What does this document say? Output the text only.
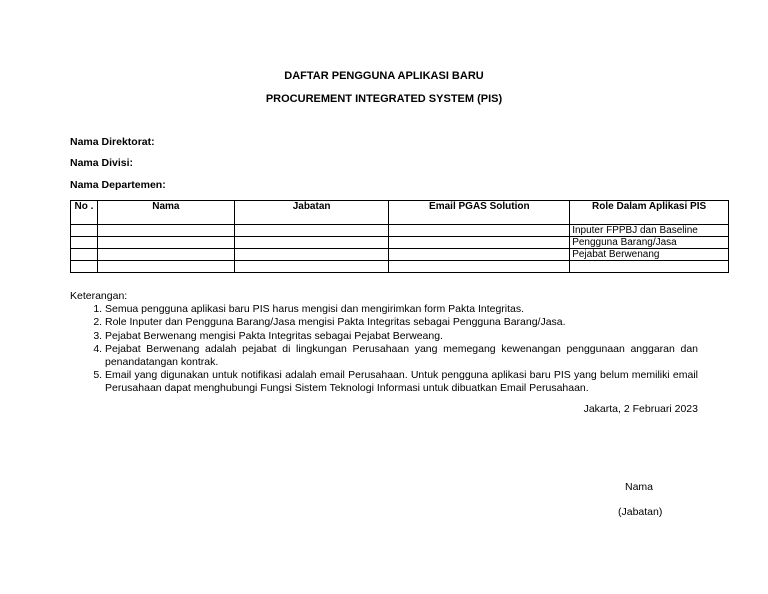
DAFTAR PENGGUNA APLIKASI BARU
PROCUREMENT INTEGRATED SYSTEM (PIS)
Nama Direktorat:
Nama Divisi:
Nama Departemen:
No .	Nama	Jabatan	Email PGAS Solution	Role Dalam Aplikasi PIS
				Inputer FPPBJ dan Baseline
				Pengguna Barang/Jasa
				Pejabat Berwenang

Keterangan:
1. Semua pengguna aplikasi baru PIS harus mengisi dan mengirimkan form Pakta Integritas.
2. Role Inputer dan Pengguna Barang/Jasa mengisi Pakta Integritas sebagai Pengguna Barang/Jasa.
3. Pejabat Berwenang mengisi Pakta Integritas sebagai Pejabat Berweang.
4. Pejabat Berwenang adalah pejabat di lingkungan Perusahaan yang memegang kewenangan penggunaan anggaran dan penandatangan kontrak.
5. Email yang digunakan untuk notifikasi adalah email Perusahaan. Untuk pengguna aplikasi baru PIS yang belum memiliki email Perusahaan dapat menghubungi Fungsi Sistem Teknologi Informasi untuk dibuatkan Email Perusahaan.
Jakarta, 2 Februari 2023
Nama
(Jabatan)
